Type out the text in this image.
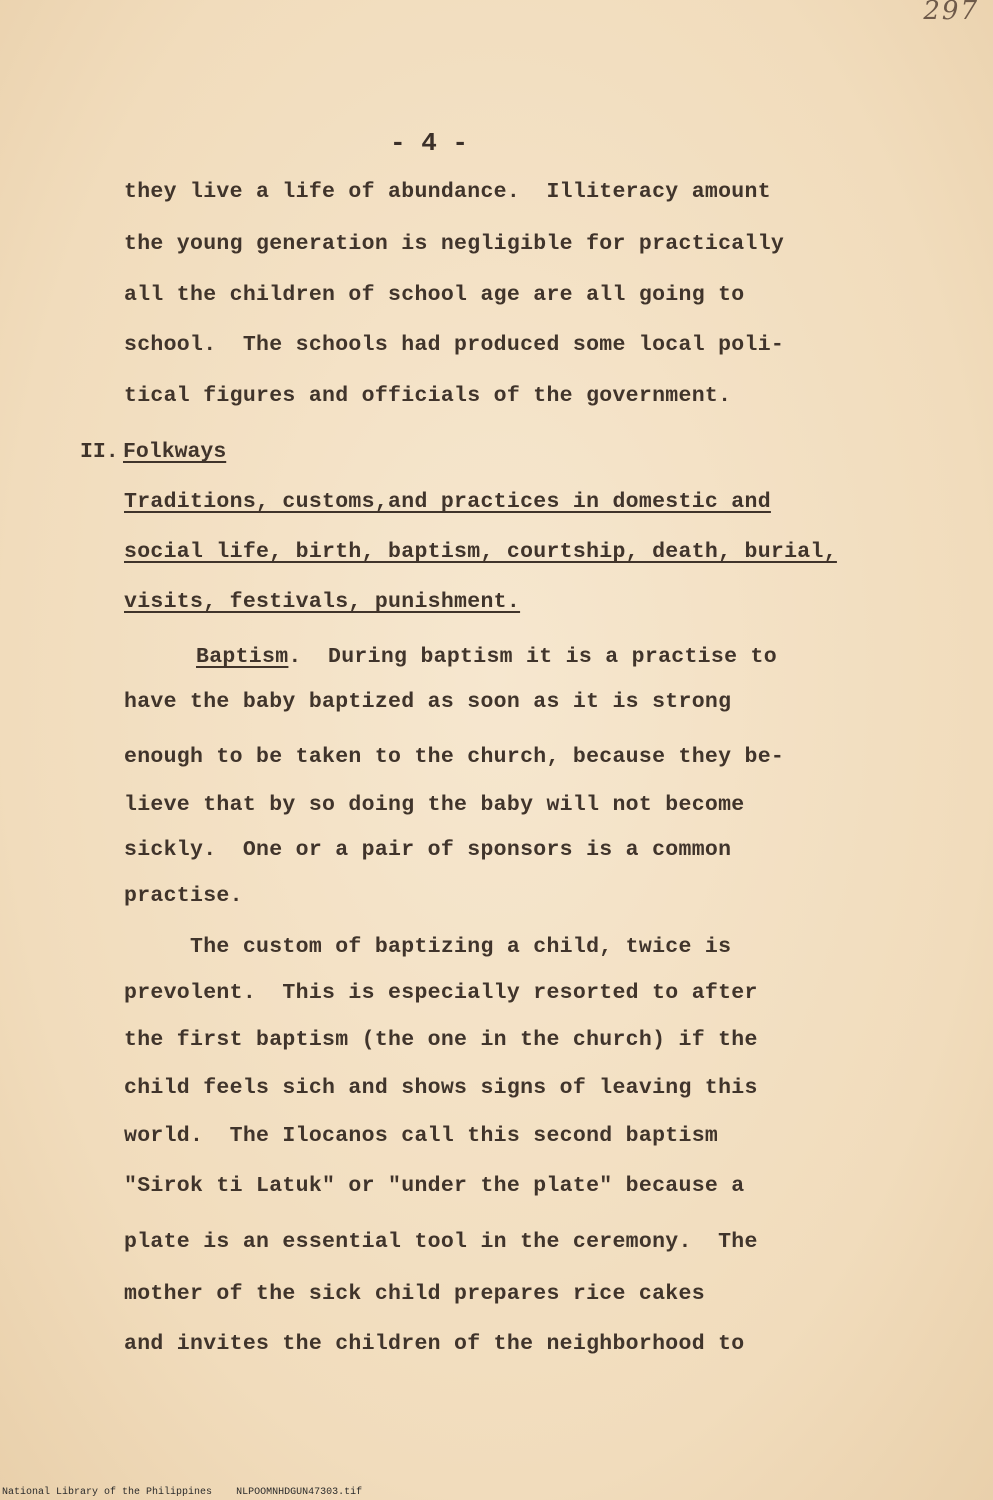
297
- 4 -
they live a life of abundance.  Illiteracy amount
the young generation is negligible for practically
all the children of school age are all going to
school.  The schools had produced some local poli-
tical figures and officials of the government.
II. Folkways
Traditions, customs,and practices in domestic and
social life, birth, baptism, courtship, death, burial,
visits, festivals, punishment.
Baptism.  During baptism it is a practise to
have the baby baptized as soon as it is strong
enough to be taken to the church, because they be-
lieve that by so doing the baby will not become
sickly.  One or a pair of sponsors is a common
practise.
The custom of baptizing a child, twice is
prevolent.  This is especially resorted to after
the first baptism (the one in the church) if the
child feels sich and shows signs of leaving this
world.  The Ilocanos call this second baptism
"Sirok ti Latuk" or "under the plate" because a
plate is an essential tool in the ceremony.  The
mother of the sick child prepares rice cakes
and invites the children of the neighborhood to
National Library of the Philippines NLPOOMNHDGUN47303.tif
